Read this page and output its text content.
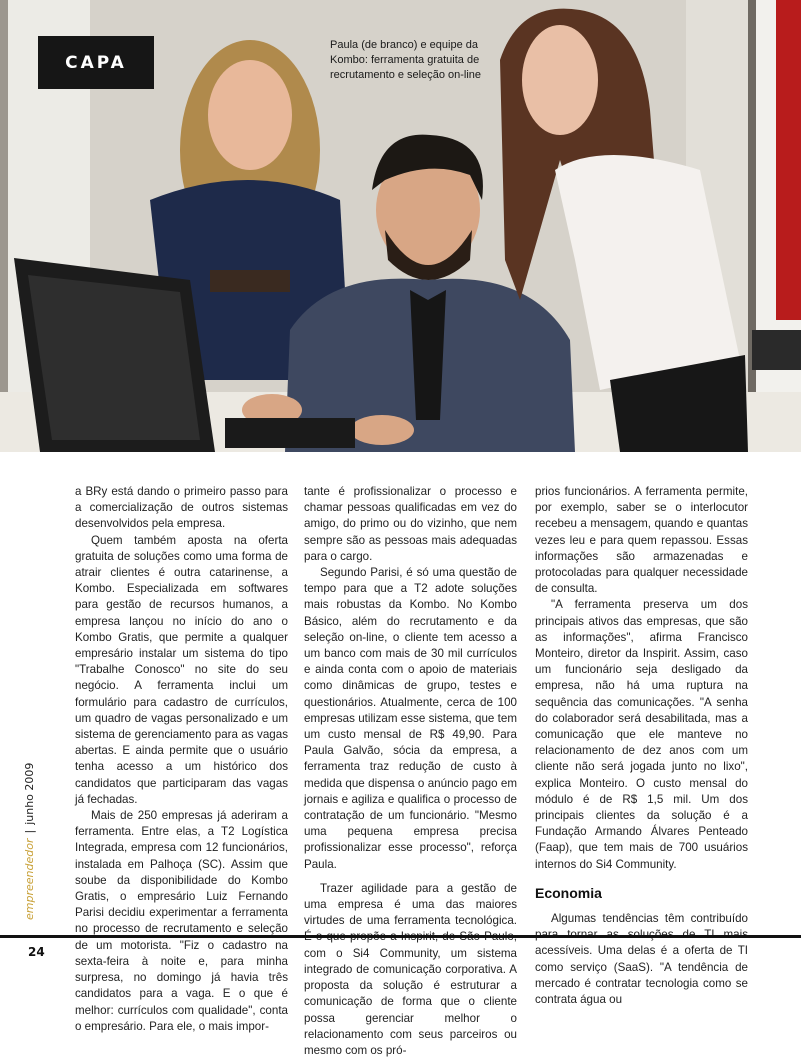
CAPA
Paula (de branco) e equipe da Kombo: ferramenta gratuita de recrutamento e seleção on-line

a BRy está dando o primeiro passo para a comercialização de outros sistemas desenvolvidos pela empresa.

Quem também aposta na oferta gratuita de soluções como uma forma de atrair clientes é outra catarinense, a Kombo. Especializada em softwares para gestão de recursos humanos, a empresa lançou no início do ano o Kombo Gratis, que permite a qualquer empresário instalar um sistema do tipo "Trabalhe Conosco" no site do seu negócio. A ferramenta inclui um formulário para cadastro de currículos, um quadro de vagas personalizado e um sistema de gerenciamento para as vagas abertas. E ainda permite que o usuário tenha acesso a um histórico dos candidatos que participaram das vagas já fechadas.

Mais de 250 empresas já aderiram a ferramenta. Entre elas, a T2 Logística Integrada, empresa com 12 funcionários, instalada em Palhoça (SC). Assim que soube da disponibilidade do Kombo Gratis, o empresário Luiz Fernando Parisi decidiu experimentar a ferramenta no processo de recrutamento e seleção de um motorista. "Fiz o cadastro na sexta-feira à noite e, para minha surpresa, no domingo já havia três candidatos para a vaga. E o que é melhor: currículos com qualidade", conta o empresário. Para ele, o mais impor-

tante é profissionalizar o processo e chamar pessoas qualificadas em vez do amigo, do primo ou do vizinho, que nem sempre são as pessoas mais adequadas para o cargo.

Segundo Parisi, é só uma questão de tempo para que a T2 adote soluções mais robustas da Kombo. No Kombo Básico, além do recrutamento e da seleção on-line, o cliente tem acesso a um banco com mais de 30 mil currículos e ainda conta com o apoio de materiais como dinâmicas de grupo, testes e questionários. Atualmente, cerca de 100 empresas utilizam esse sistema, que tem um custo mensal de R$ 49,90. Para Paula Galvão, sócia da empresa, a ferramenta traz redução de custo à medida que dispensa o anúncio pago em jornais e agiliza e qualifica o processo de contratação de um funcionário. "Mesmo uma pequena empresa precisa profissionalizar esse processo", reforça Paula.

Trazer agilidade para a gestão de uma empresa é uma das maiores virtudes de uma ferramenta tecnológica. com o Si4 Community, um sistema integrado de comunicação corporativa. A proposta da solução é estruturar a comunicação de forma que o cliente possa gerenciar melhor o relacionamento com seus parceiros ou mesmo com os pró-

prios funcionários. A ferramenta permite, por exemplo, saber se o interlocutor recebeu a mensagem, quando e quantas vezes leu e para quem repassou. Essas informações são armazenadas e protocoladas para qualquer necessidade de consulta.

"A ferramenta preserva um dos principais ativos das empresas, que são as informações", afirma Francisco Monteiro, diretor da Inspirit. Assim, caso um funcionário seja desligado da empresa, não há uma ruptura na sequência das comunicações. "A senha do colaborador será desabilitada, mas a comunicação que ele manteve no relacionamento de dez anos com um cliente não será jogada junto no lixo", explica Monteiro. O custo mensal do módulo é de R$ 1,5 mil. Um dos principais clientes da solução é a Fundação Armando Álvares Penteado (Faap), que tem mais de 700 usuários internos do Si4 Community.

Economia

Algumas tendências têm contribuído acessíveis. Uma delas é a oferta de TI como serviço (SaaS). "A tendência de mercado é contratar tecnologia como se contrata água ou

empreendedor|junho 2009
24
